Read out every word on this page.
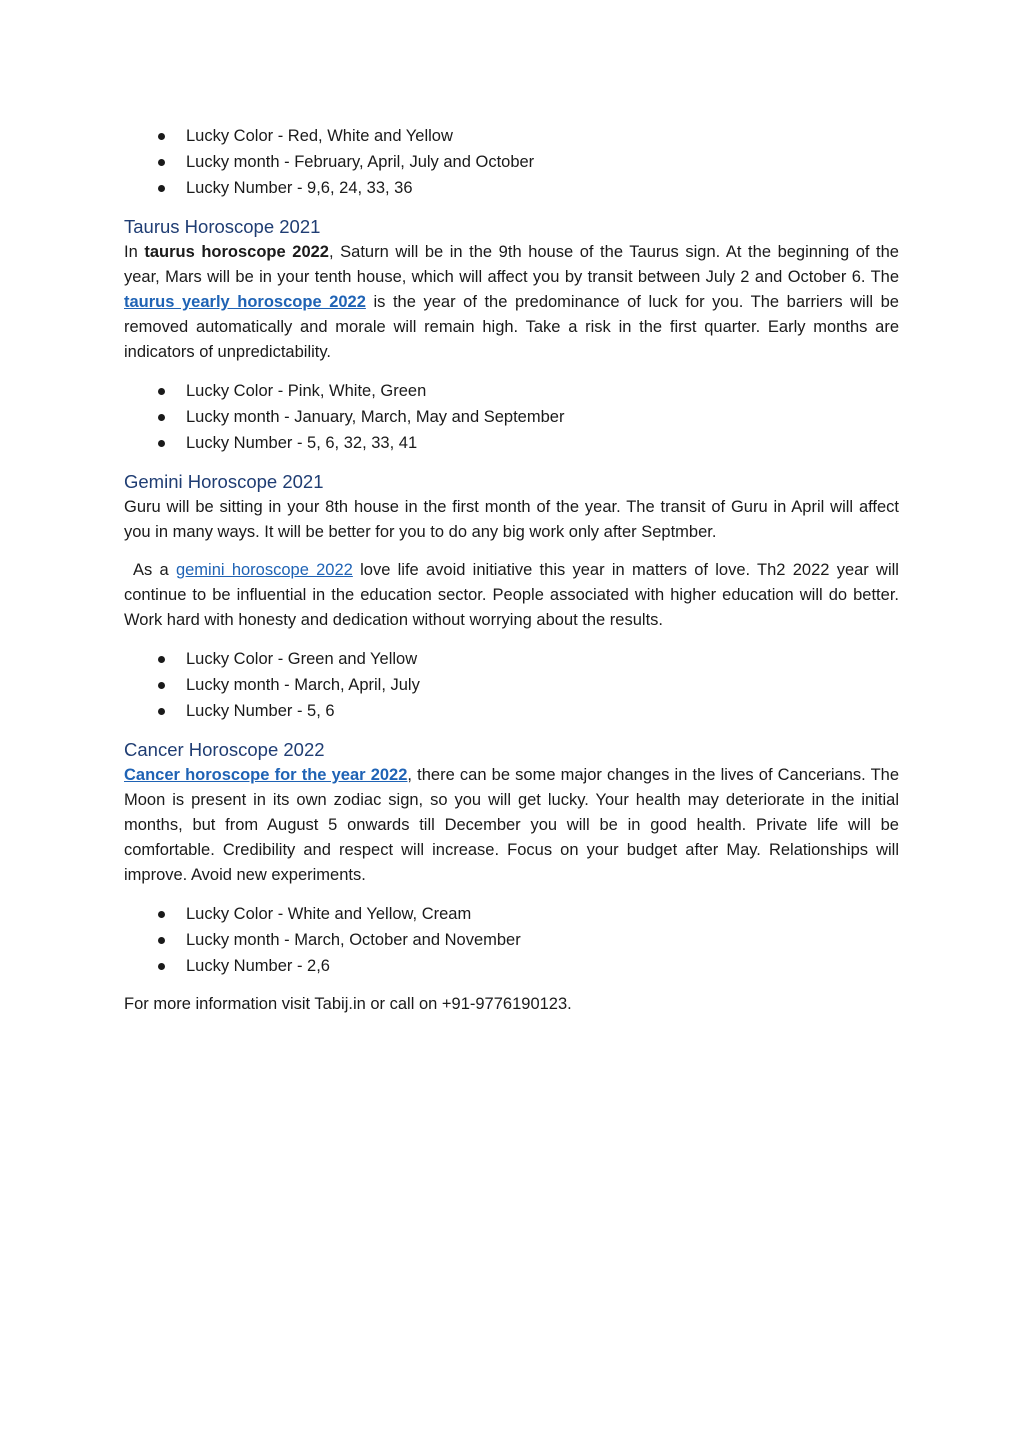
Lucky Color - Red, White and Yellow
Lucky month - February, April, July and October
Lucky Number - 9,6, 24, 33, 36
Taurus Horoscope 2021

In taurus horoscope 2022, Saturn will be in the 9th house of the Taurus sign. At the beginning of the year, Mars will be in your tenth house, which will affect you by transit between July 2 and October 6. The taurus yearly horoscope 2022 is the year of the predominance of luck for you. The barriers will be removed automatically and morale will remain high. Take a risk in the first quarter. Early months are indicators of unpredictability.

Lucky Color - Pink, White, Green
Lucky month - January, March, May and September
Lucky Number - 5, 6, 32, 33, 41
Gemini Horoscope 2021

Guru will be sitting in your 8th house in the first month of the year. The transit of Guru in April will affect you in many ways. It will be better for you to do any big work only after Septmber.

As a gemini horoscope 2022 love life avoid initiative this year in matters of love. Th2 2022 year will continue to be influential in the education sector. People associated with higher education will do better. Work hard with honesty and dedication without worrying about the results.

Lucky Color - Green and Yellow
Lucky month - March, April, July
Lucky Number - 5, 6
Cancer Horoscope 2022

Cancer horoscope for the year 2022, there can be some major changes in the lives of Cancerians. The Moon is present in its own zodiac sign, so you will get lucky. Your health may deteriorate in the initial months, but from August 5 onwards till December you will be in good health. Private life will be comfortable. Credibility and respect will increase. Focus on your budget after May. Relationships will improve. Avoid new experiments.

Lucky Color - White and Yellow, Cream
Lucky month - March, October and November
Lucky Number - 2,6

For more information visit Tabij.in or call on +91-9776190123.
